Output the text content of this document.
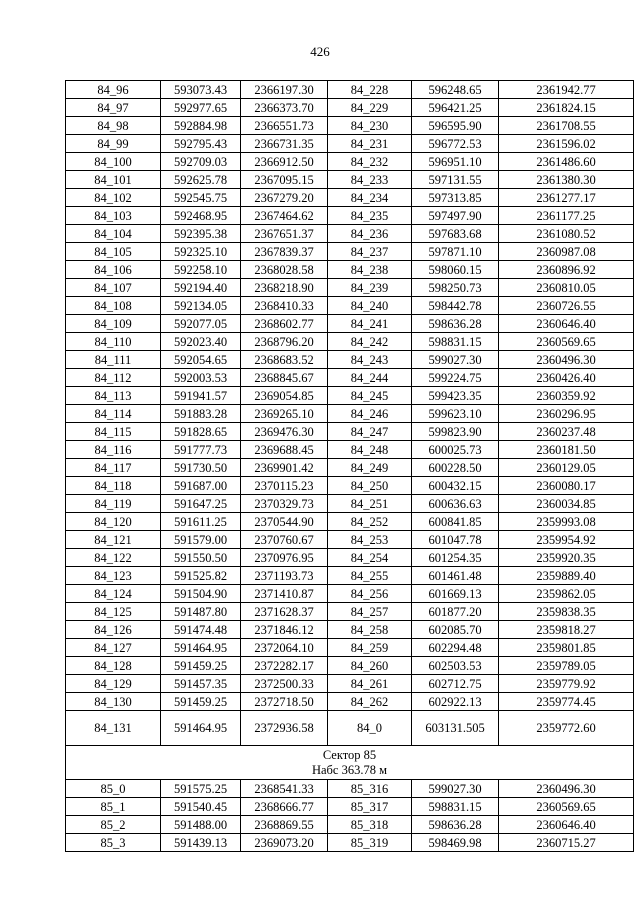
426
84_96	593073.43	2366197.30	84_228	596248.65	2361942.77
84_97	592977.65	2366373.70	84_229	596421.25	2361824.15
84_98	592884.98	2366551.73	84_230	596595.90	2361708.55
84_99	592795.43	2366731.35	84_231	596772.53	2361596.02
84_100	592709.03	2366912.50	84_232	596951.10	2361486.60
84_101	592625.78	2367095.15	84_233	597131.55	2361380.30
84_102	592545.75	2367279.20	84_234	597313.85	2361277.17
84_103	592468.95	2367464.62	84_235	597497.90	2361177.25
84_104	592395.38	2367651.37	84_236	597683.68	2361080.52
84_105	592325.10	2367839.37	84_237	597871.10	2360987.08
84_106	592258.10	2368028.58	84_238	598060.15	2360896.92
84_107	592194.40	2368218.90	84_239	598250.73	2360810.05
84_108	592134.05	2368410.33	84_240	598442.78	2360726.55
84_109	592077.05	2368602.77	84_241	598636.28	2360646.40
84_110	592023.40	2368796.20	84_242	598831.15	2360569.65
84_111	592054.65	2368683.52	84_243	599027.30	2360496.30
84_112	592003.53	2368845.67	84_244	599224.75	2360426.40
84_113	591941.57	2369054.85	84_245	599423.35	2360359.92
84_114	591883.28	2369265.10	84_246	599623.10	2360296.95
84_115	591828.65	2369476.30	84_247	599823.90	2360237.48
84_116	591777.73	2369688.45	84_248	600025.73	2360181.50
84_117	591730.50	2369901.42	84_249	600228.50	2360129.05
84_118	591687.00	2370115.23	84_250	600432.15	2360080.17
84_119	591647.25	2370329.73	84_251	600636.63	2360034.85
84_120	591611.25	2370544.90	84_252	600841.85	2359993.08
84_121	591579.00	2370760.67	84_253	601047.78	2359954.92
84_122	591550.50	2370976.95	84_254	601254.35	2359920.35
84_123	591525.82	2371193.73	84_255	601461.48	2359889.40
84_124	591504.90	2371410.87	84_256	601669.13	2359862.05
84_125	591487.80	2371628.37	84_257	601877.20	2359838.35
84_126	591474.48	2371846.12	84_258	602085.70	2359818.27
84_127	591464.95	2372064.10	84_259	602294.48	2359801.85
84_128	591459.25	2372282.17	84_260	602503.53	2359789.05
84_129	591457.35	2372500.33	84_261	602712.75	2359779.92
84_130	591459.25	2372718.50	84_262	602922.13	2359774.45
84_131	591464.95	2372936.58	84_0	603131.505	2359772.60

Сектор 85
Набс 363.78 м					

85_0	591575.25	2368541.33	85_316	599027.30	2360496.30
85_1	591540.45	2368666.77	85_317	598831.15	2360569.65
85_2	591488.00	2368869.55	85_318	598636.28	2360646.40
85_3	591439.13	2369073.20	85_319	598469.98	2360715.27
